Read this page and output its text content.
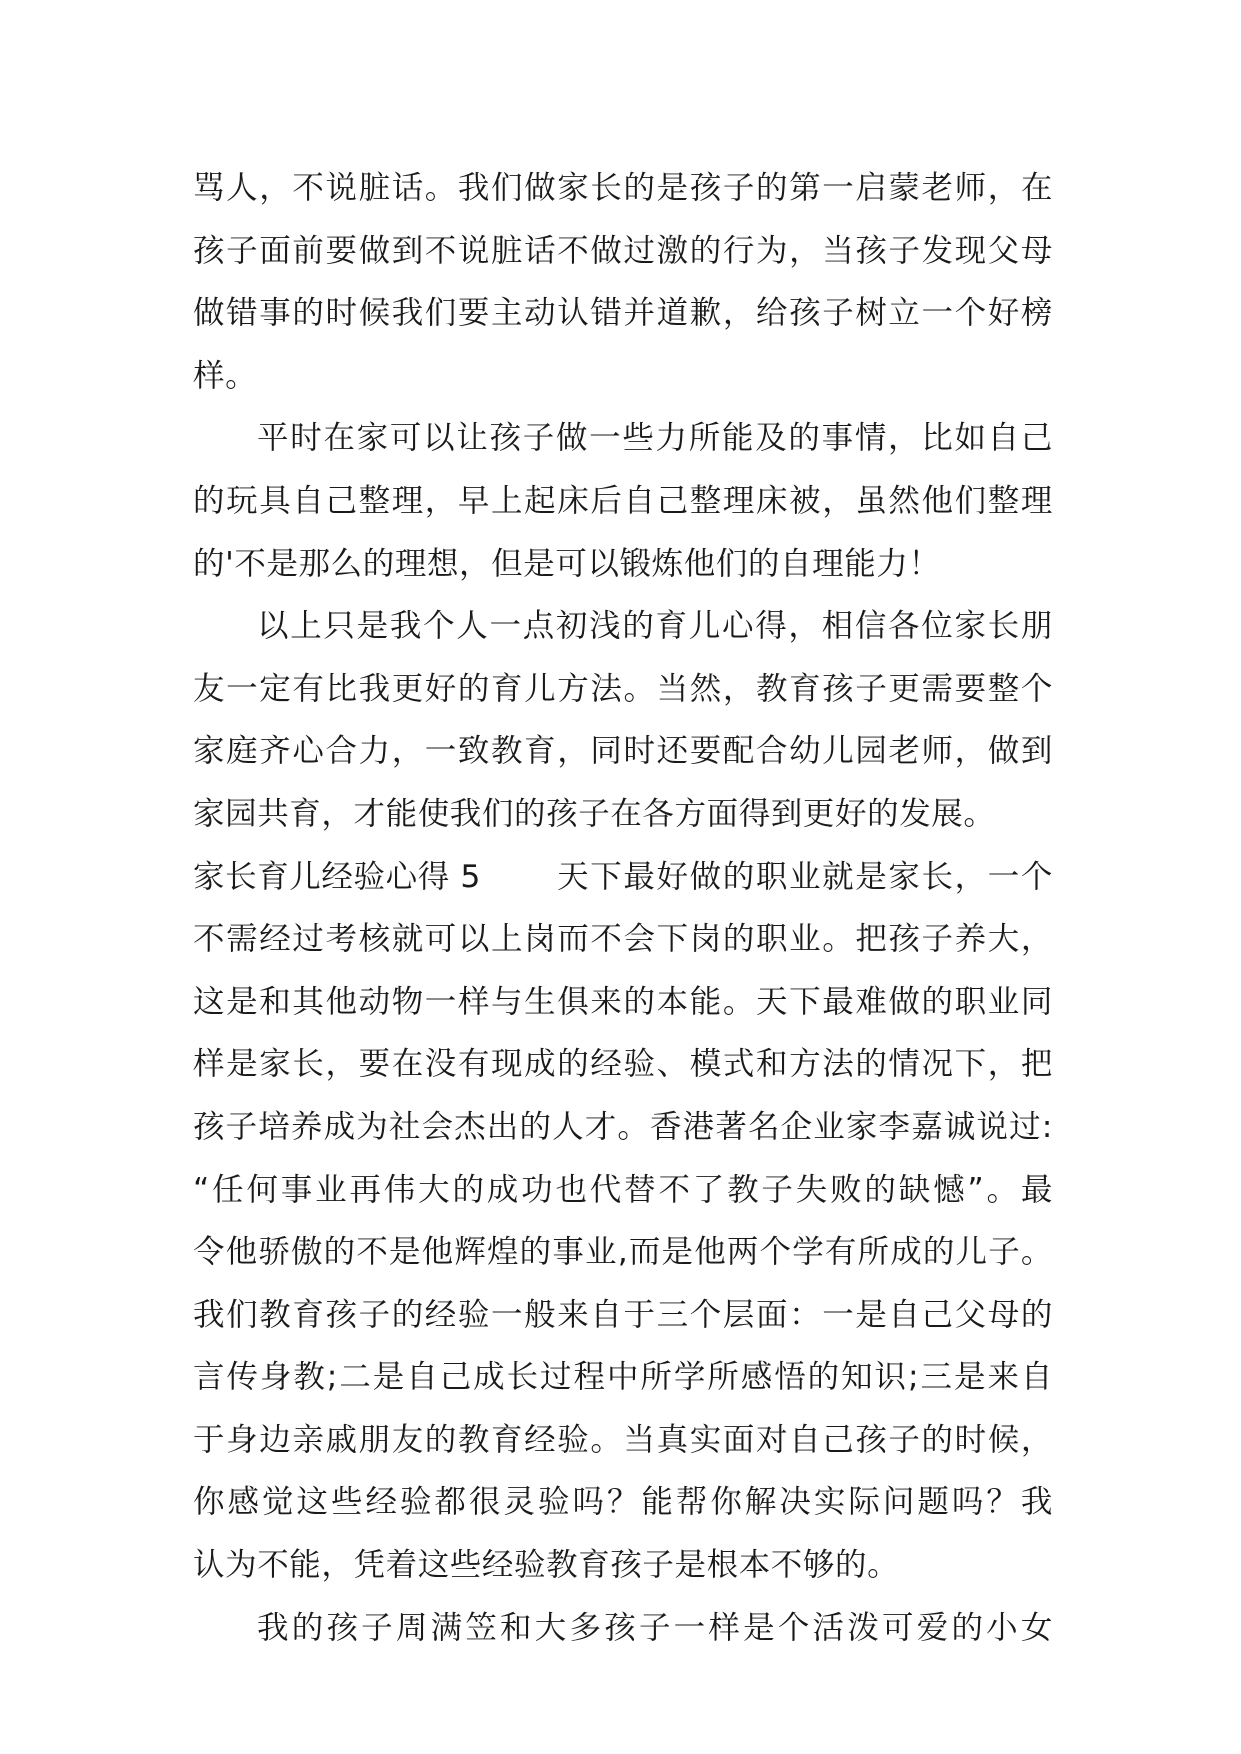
骂人，不说脏话。我们做家长的是孩子的第一启蒙老师，在
孩子面前要做到不说脏话不做过激的行为，当孩子发现父母
做错事的时候我们要主动认错并道歉，给孩子树立一个好榜
样。
平时在家可以让孩子做一些力所能及的事情，比如自己
的玩具自己整理，早上起床后自己整理床被，虽然他们整理
的'不是那么的理想，但是可以锻炼他们的自理能力！
以上只是我个人一点初浅的育儿心得，相信各位家长朋
友一定有比我更好的育儿方法。当然，教育孩子更需要整个
家庭齐心合力，一致教育，同时还要配合幼儿园老师，做到
家园共育，才能使我们的孩子在各方面得到更好的发展。
家长育儿经验心得 5	天下最好做的职业就是家长，一个
不需经过考核就可以上岗而不会下岗的职业。把孩子养大，
这是和其他动物一样与生俱来的本能。天下最难做的职业同
样是家长，要在没有现成的经验、模式和方法的情况下，把
孩子培养成为社会杰出的人才。香港著名企业家李嘉诚说过:
“任何事业再伟大的成功也代替不了教子失败的缺憾”。最
令他骄傲的不是他辉煌的事业,而是他两个学有所成的儿子。
我们教育孩子的经验一般来自于三个层面：一是自己父母的
言传身教;二是自己成长过程中所学所感悟的知识;三是来自
于身边亲戚朋友的教育经验。当真实面对自己孩子的时候，
你感觉这些经验都很灵验吗？能帮你解决实际问题吗？我
认为不能，凭着这些经验教育孩子是根本不够的。
我的孩子周满笠和大多孩子一样是个活泼可爱的小女
